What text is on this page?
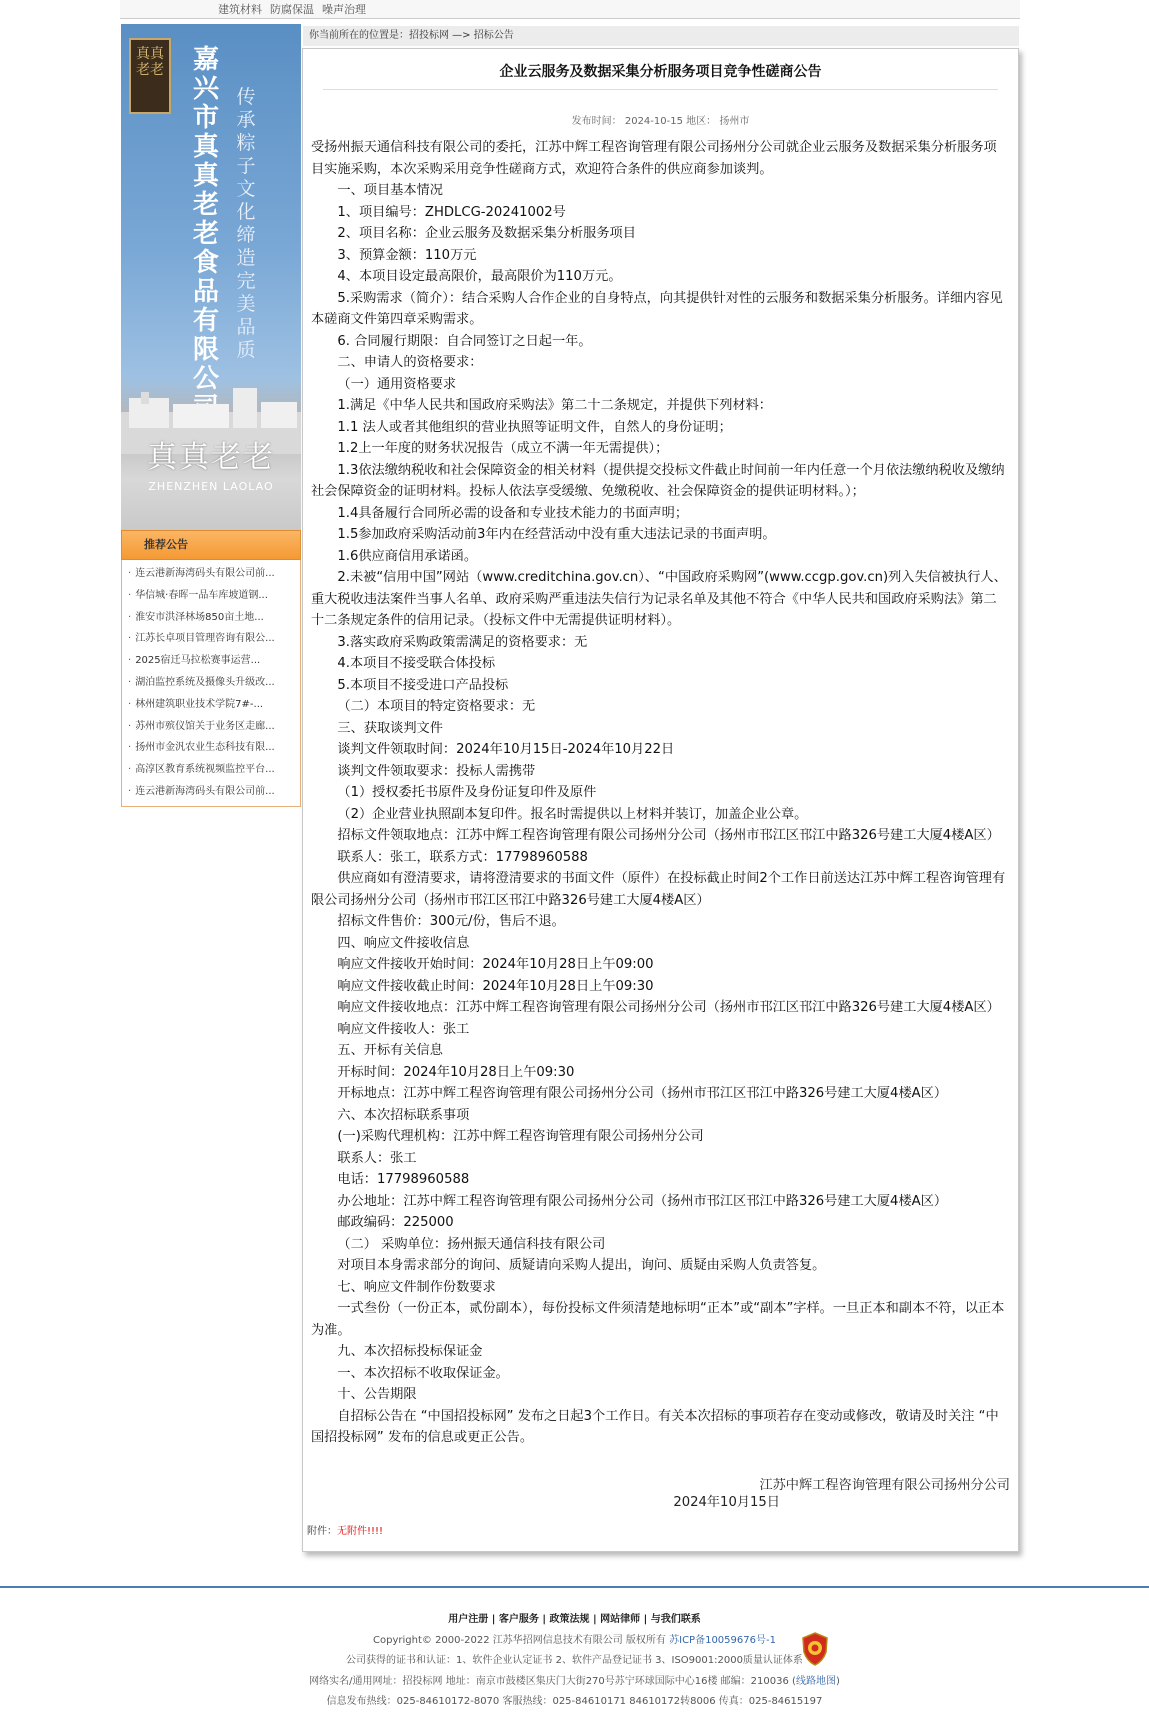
建筑材料 防腐保温 噪声治理
真真老老 嘉兴市真真老老食品有限公
传承粽子文化 缔造完美品质
真真老老
ZHENZHEN LAOLAO
推荐公告
· 连云港新海湾码头有限公司前...
· 华信城·春晖一品车库坡道钢...
· 淮安市洪泽林场850亩土地...
· 江苏长卓项目管理咨询有限公...
· 2025宿迁马拉松赛事运营...
· 湖泊监控系统及摄像头升级改...
· 林州建筑职业技术学院7#-...
· 苏州市殡仪馆关于业务区走廊...
· 扬州市金汎农业生态科技有限...
· 高淳区教育系统视频监控平台...
· 连云港新海湾码头有限公司前...
你当前所在的位置是：招投标网 —> 招标公告
企业云服务及数据采集分析服务项目竞争性磋商公告
发布时间： 2024-10-15 地区： 扬州市

受扬州振天通信科技有限公司的委托，江苏中辉工程咨询管理有限公司扬州分公司就企业云服务及数据采集分析服务项目实施采购，本次采购采用竞争性磋商方式，欢迎符合条件的供应商参加谈判。

一、项目基本情况

1、项目编号：ZHDLCG-20241002号

2、项目名称：企业云服务及数据采集分析服务项目

3、预算金额：110万元

4、本项目设定最高限价，最高限价为110万元。

5.采购需求（简介）：结合采购人合作企业的自身特点，向其提供针对性的云服务和数据采集分析服务。详细内容见本磋商文件第四章采购需求。

6. 合同履行期限：自合同签订之日起一年。

二、申请人的资格要求：

（一）通用资格要求

1.满足《中华人民共和国政府采购法》第二十二条规定，并提供下列材料：

1.1 法人或者其他组织的营业执照等证明文件，自然人的身份证明；

1.2上一年度的财务状况报告（成立不满一年无需提供）；

1.3依法缴纳税收和社会保障资金的相关材料（提供提交投标文件截止时间前一年内任意一个月依法缴纳税收及缴纳社会保障资金的证明材料。投标人依法享受缓缴、免缴税收、社会保障资金的提供证明材料。）；

1.4具备履行合同所必需的设备和专业技术能力的书面声明；

1.5参加政府采购活动前3年内在经营活动中没有重大违法记录的书面声明。

1.6供应商信用承诺函。

2.未被“信用中国”网站（www.creditchina.gov.cn）、“中国政府采购网”(www.ccgp.gov.cn)列入失信被执行人、重大税收违法案件当事人名单、政府采购严重违法失信行为记录名单及其他不符合《中华人民共和国政府采购法》第二十二条规定条件的信用记录。（投标文件中无需提供证明材料）。

3.落实政府采购政策需满足的资格要求：无

4.本项目不接受联合体投标

5.本项目不接受进口产品投标

（二）本项目的特定资格要求：无

三、获取谈判文件

谈判文件领取时间：2024年10月15日-2024年10月22日

谈判文件领取要求：投标人需携带

（1）授权委托书原件及身份证复印件及原件

（2）企业营业执照副本复印件。报名时需提供以上材料并装订，加盖企业公章。

招标文件领取地点：江苏中辉工程咨询管理有限公司扬州分公司（扬州市邗江区邗江中路326号建工大厦4楼A区）

联系人：张工，联系方式：17798960588

供应商如有澄清要求，请将澄清要求的书面文件（原件）在投标截止时间2个工作日前送达江苏中辉工程咨询管理有限公司扬州分公司（扬州市邗江区邗江中路326号建工大厦4楼A区）

招标文件售价：300元/份，售后不退。

四、响应文件接收信息

响应文件接收开始时间：2024年10月28日上午09:00

响应文件接收截止时间：2024年10月28日上午09:30

响应文件接收地点：江苏中辉工程咨询管理有限公司扬州分公司（扬州市邗江区邗江中路326号建工大厦4楼A区）

响应文件接收人：张工

五、开标有关信息

开标时间：2024年10月28日上午09:30

开标地点：江苏中辉工程咨询管理有限公司扬州分公司（扬州市邗江区邗江中路326号建工大厦4楼A区）

六、本次招标联系事项

(一)采购代理机构：江苏中辉工程咨询管理有限公司扬州分公司

联系人：张工

电话：17798960588

办公地址：江苏中辉工程咨询管理有限公司扬州分公司（扬州市邗江区邗江中路326号建工大厦4楼A区）

邮政编码：225000

（二） 采购单位：扬州振天通信科技有限公司

对项目本身需求部分的询问、质疑请向采购人提出，询问、质疑由采购人负责答复。

七、响应文件制作份数要求

一式叁份（一份正本，贰份副本），每份投标文件须清楚地标明“正本”或“副本”字样。一旦正本和副本不符，以正本为准。

九、本次招标投标保证金

一、本次招标不收取保证金。

十、公告期限

自招标公告在 “中国招投标网” 发布之日起3个工作日。有关本次招标的事项若存在变动或修改，敬请及时关注 “中国招投标网” 发布的信息或更正公告。

江苏中辉工程咨询管理有限公司扬州分公司
2024年10月15日
附件：无附件!!!!
用户注册 | 客户服务 | 政策法规 | 网站律师 | 与我们联系
Copyright© 2000-2022 江苏华招网信息技术有限公司 版权所有 苏ICP备10059676号-1
公司获得的证书和认证：1、软件企业认定证书 2、软件产品登记证书 3、ISO9001:2000质量认证体系
网络实名/通用网址：招投标网 地址：南京市鼓楼区集庆门大街270号苏宁环球国际中心16楼 邮编：210036 (线路地图)
信息发布热线：025-84610172-8070 客服热线：025-84610171 84610172转8006 传真：025-84615197
